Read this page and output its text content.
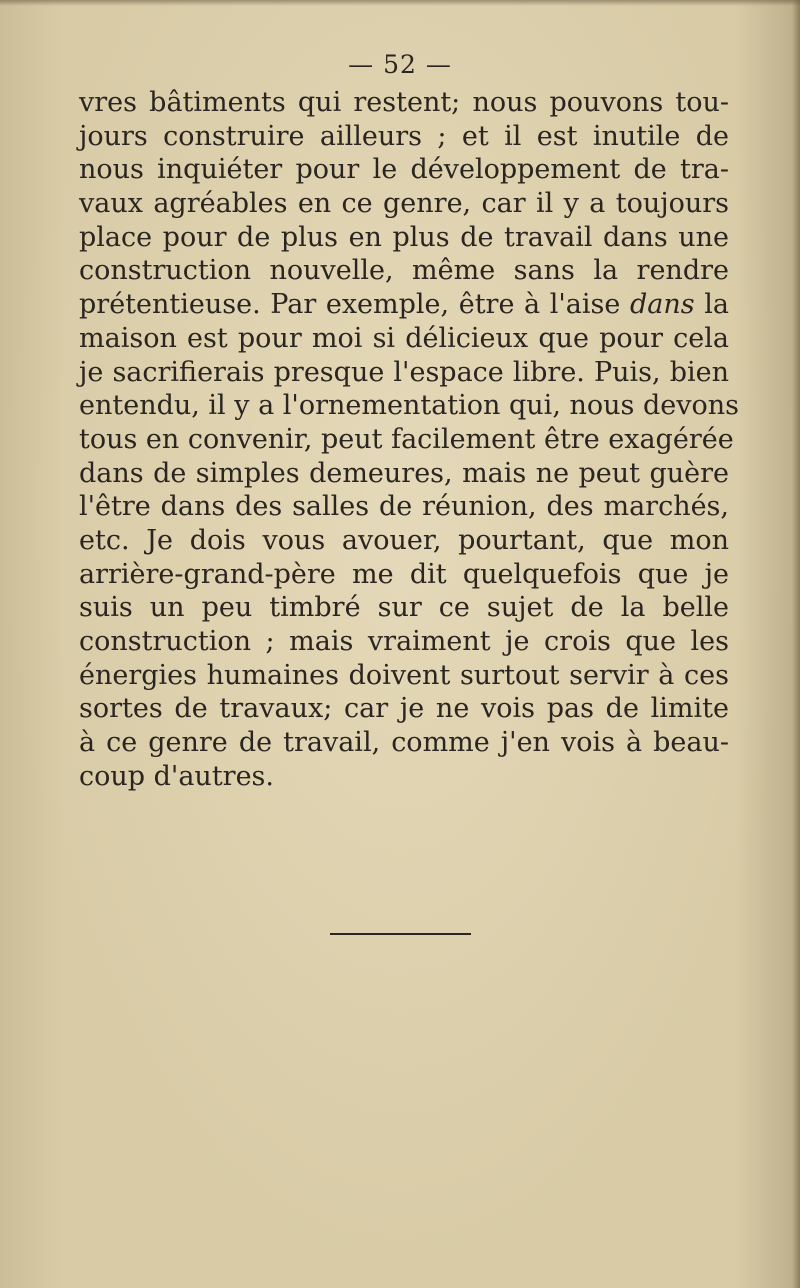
— 52 —
vres bâtiments qui restent; nous pouvons tou-
jours construire ailleurs ; et il est inutile de
nous inquiéter pour le développement de tra-
vaux agréables en ce genre, car il y a toujours
place pour de plus en plus de travail dans une
construction nouvelle, même sans la rendre
prétentieuse. Par exemple, être à l'aise dans la
maison est pour moi si délicieux que pour cela
je sacrifierais presque l'espace libre. Puis, bien
entendu, il y a l'ornementation qui, nous devons
tous en convenir, peut facilement être exagérée
dans de simples demeures, mais ne peut guère
l'être dans des salles de réunion, des marchés,
etc. Je dois vous avouer, pourtant, que mon
arrière-grand-père me dit quelquefois que je
suis un peu timbré sur ce sujet de la belle
construction ; mais vraiment je crois que les
énergies humaines doivent surtout servir à ces
sortes de travaux; car je ne vois pas de limite
à ce genre de travail, comme j'en vois à beau-
coup d'autres.
